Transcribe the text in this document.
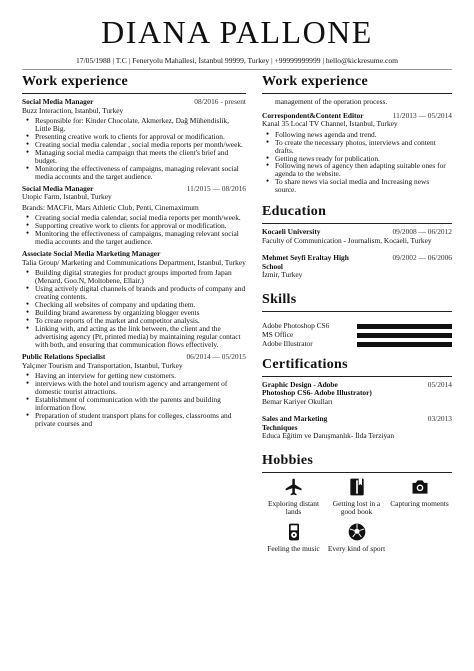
DIANA PALLONE
17/05/1988 | T.C | Feneryolu Mahallesi, İstanbul 99999, Turkey | +99999999999 | hello@kickresume.com
Work experience
Social Media Manager	08/2016 - present
Buzz Interaction, Istanbul, Turkey
● Responsible for: Kinder Chocolate, Akmerkez, Dağ Mühendislik, Little Big.
● Presenting creative work to clients for approval or modification.
● Creating social media calendar , social media reports per month/week.
● Managing social media campaign that meets the client's brief and budget.
● Monitoring the effectiveness of campaigns, managing relevant social media accounts and the target audience.
Social Media Manager	11/2015 — 08/2016
Utopic Farm, Istanbul, Turkey
Brands: MACFit, Mars Athletic Club, Penti, Cinemaximum
● Creating social media calendar, social media reports per month/week.
● Supporting creative work to clients for approval or modification.
● Monitoring the effectiveness of campaigns, managing relevant social media accounts and the target audience.
Associate Social Media Marketing Manager
Talia Group/ Marketing and Communications Department, Istanbul, Turkey
● Building digital strategies for product groups imported from Japan (Menard, Goo.N, Moltobene, Ellair.)
● Using actively digital channels of brands and products of company and creating contents.
● Checking all websites of company and updating them.
● Building brand awareness by organizing blogger events
● To create reports of the market and competitor analysis.
● Linking with, and acting as the link between, the client and the advertising agency (Pr, printed media) by maintaining regular contact with both, and ensuring that communication flows effectively.
Public Relations Specialist	06/2014 — 05/2015
Yalçıner Tourism and Transportation, Istanbul, Turkey
● Having an interview for getting new customers.
● interviews with the hotel and tourism agency and arrangement of domestic tourist attractions.
● Establishment of communication with the parents and building information flow.
● Preparation of student transport plans for colleges, classrooms and private courses and
Work experience
management of the operation process.
Correspondent&Content Editor	11/2013 — 05/2014
Kanal 35 Local TV Channel, Istanbul, Turkey
● Following news agenda and trend.
● To create the necessary photos, interviews and content drafts.
● Getting news ready for publication.
● Following news of agency then adapting suitable ones for agenda to the website.
● To share news via social media and Increasing news source.
Education
Kocaeli University	09/2008 — 06/2012
Faculty of Communication - Journalism, Kocaeli, Turkey
Mehmet Seyfi Eraltay High School
09/2002 — 06/2006
İzmir, Turkey
Skills
Adobe Photoshop CS6
MS Office
Adobe Illustrator
Certifications
Graphic Design - Adobe Photoshop CS6- Adobe Illustrator)
05/2014
Bemar Kariyer Okulları
Sales and Marketing Techniques
03/2013
Educa Eğitim ve Danışmanlık- İlda Terziyan
Hobbies
Exploring distant lands
Getting lost in a good book
Capturing moments
Feeling the music	Every kind of sport
